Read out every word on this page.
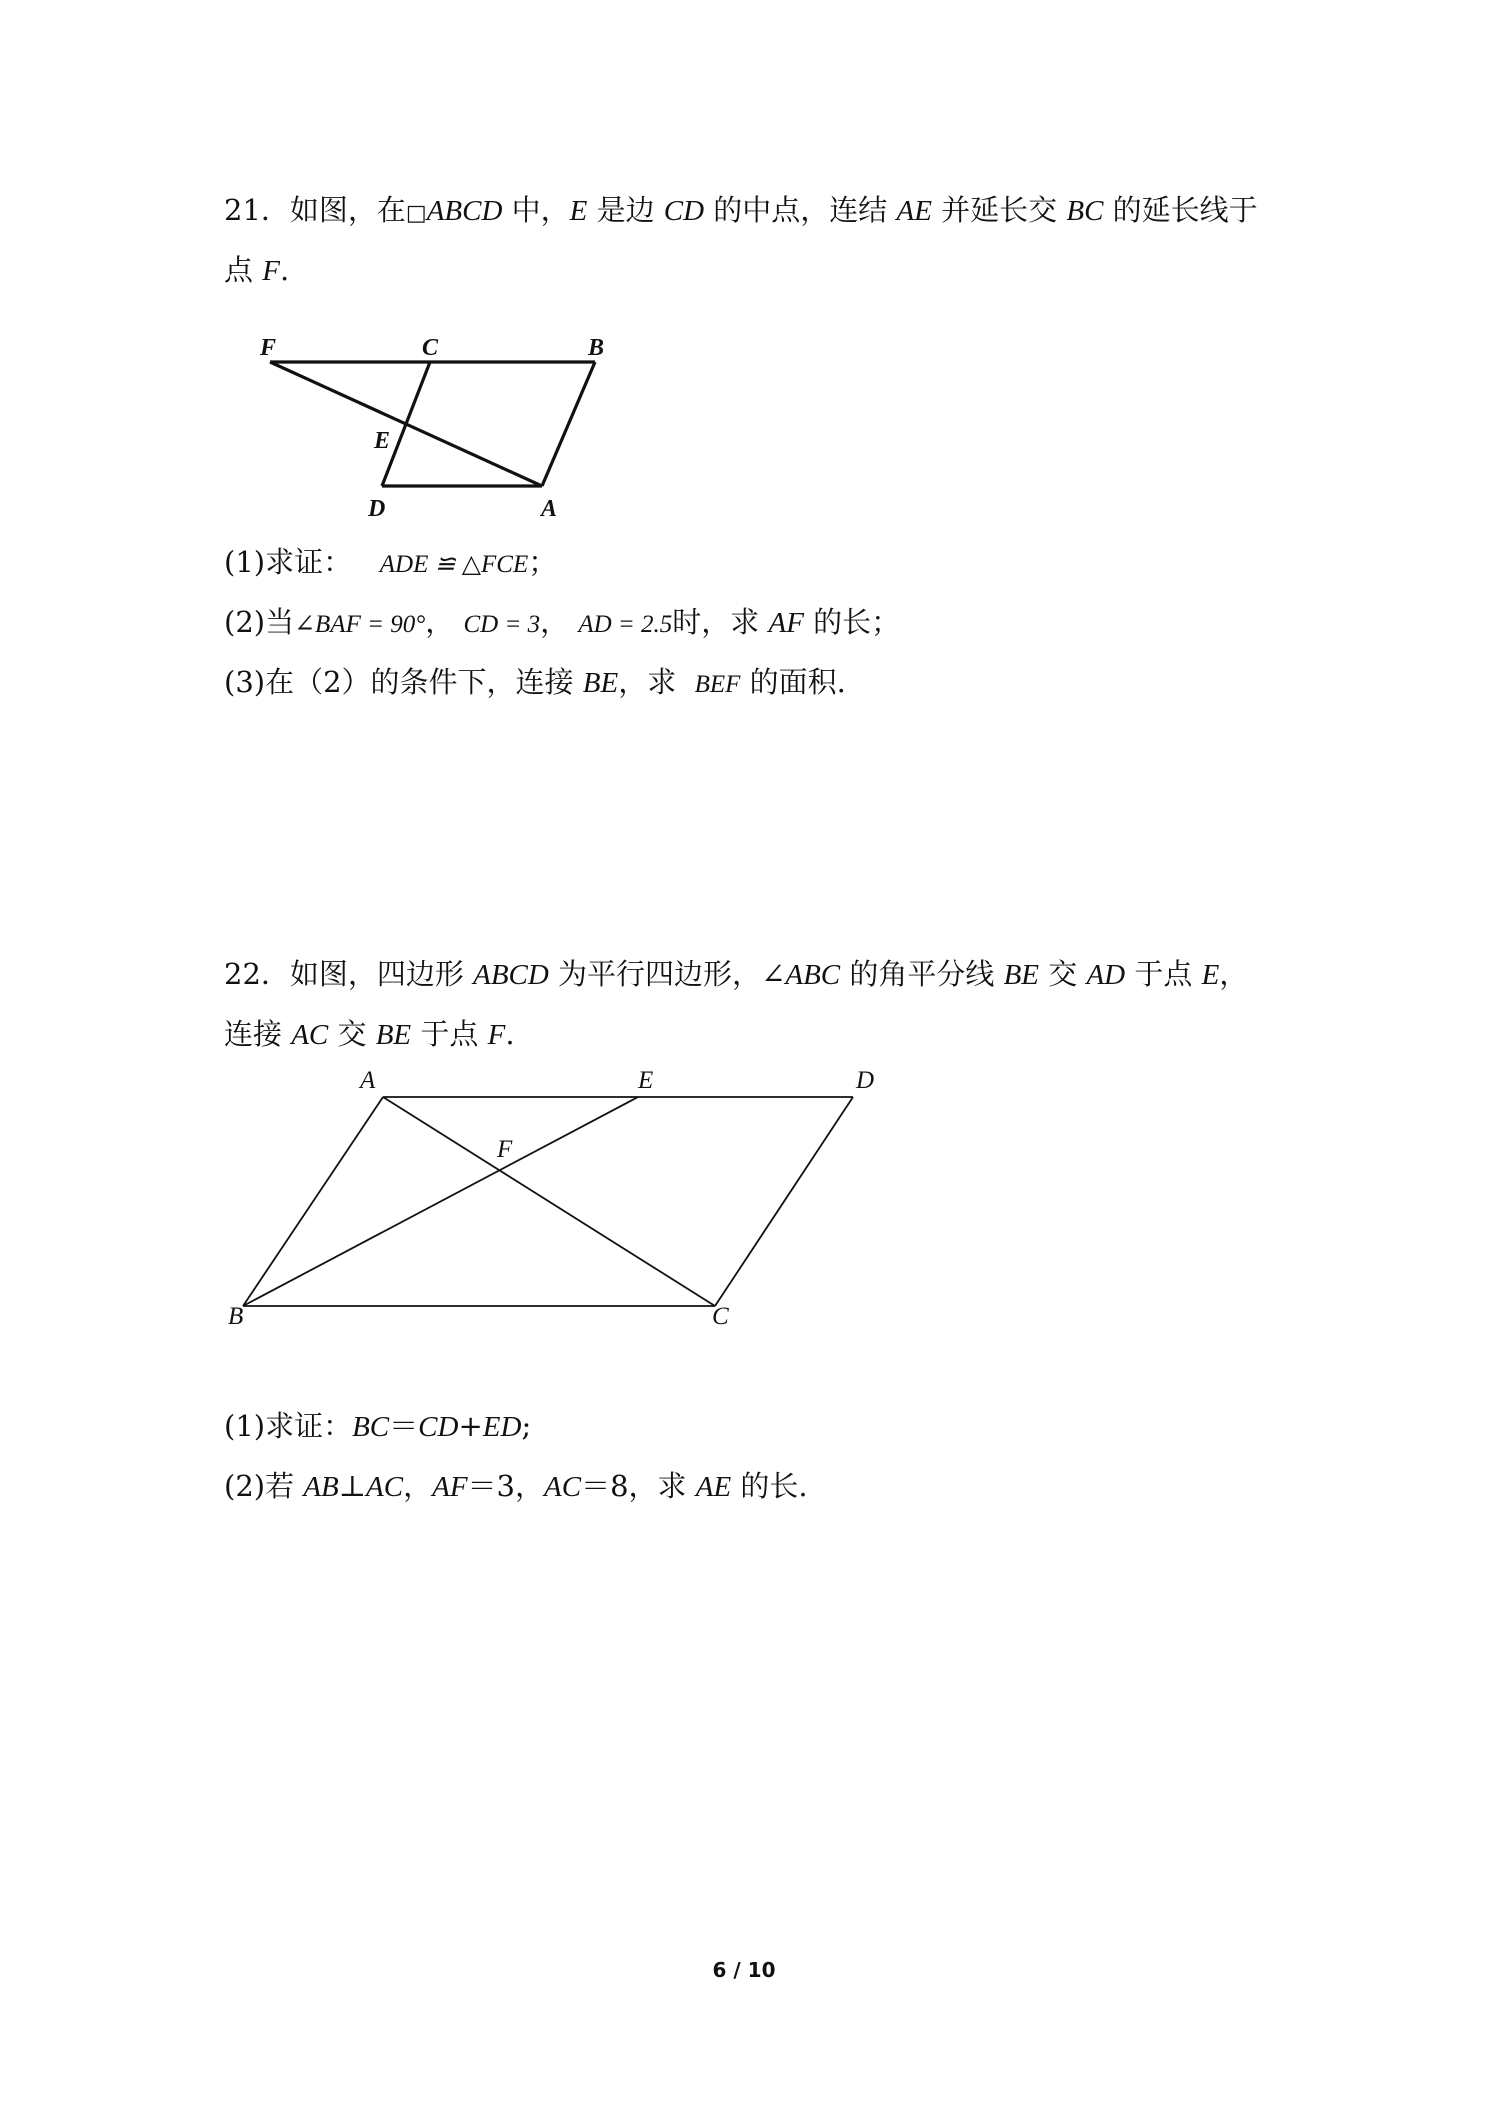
21．如图，在□ABCD 中，E 是边 CD 的中点，连结 AE 并延长交 BC 的延长线于

点 F.

F	C	B
E
D	A

(1)求证： ADE ≌ △FCE；

(2)当∠BAF = 90°， CD = 3， AD = 2.5时，求 AF 的长；

(3)在（2）的条件下，连接 BE，求  BEF 的面积.

22．如图，四边形 ABCD 为平行四边形，∠ABC 的角平分线 BE 交 AD 于点 E，

连接 AC 交 BE 于点 F.

A	E	D
F
B	C

(1)求证：BC＝CD+ED;

(2)若 AB⊥AC，AF＝3，AC＝8，求 AE 的长.

6 / 10
